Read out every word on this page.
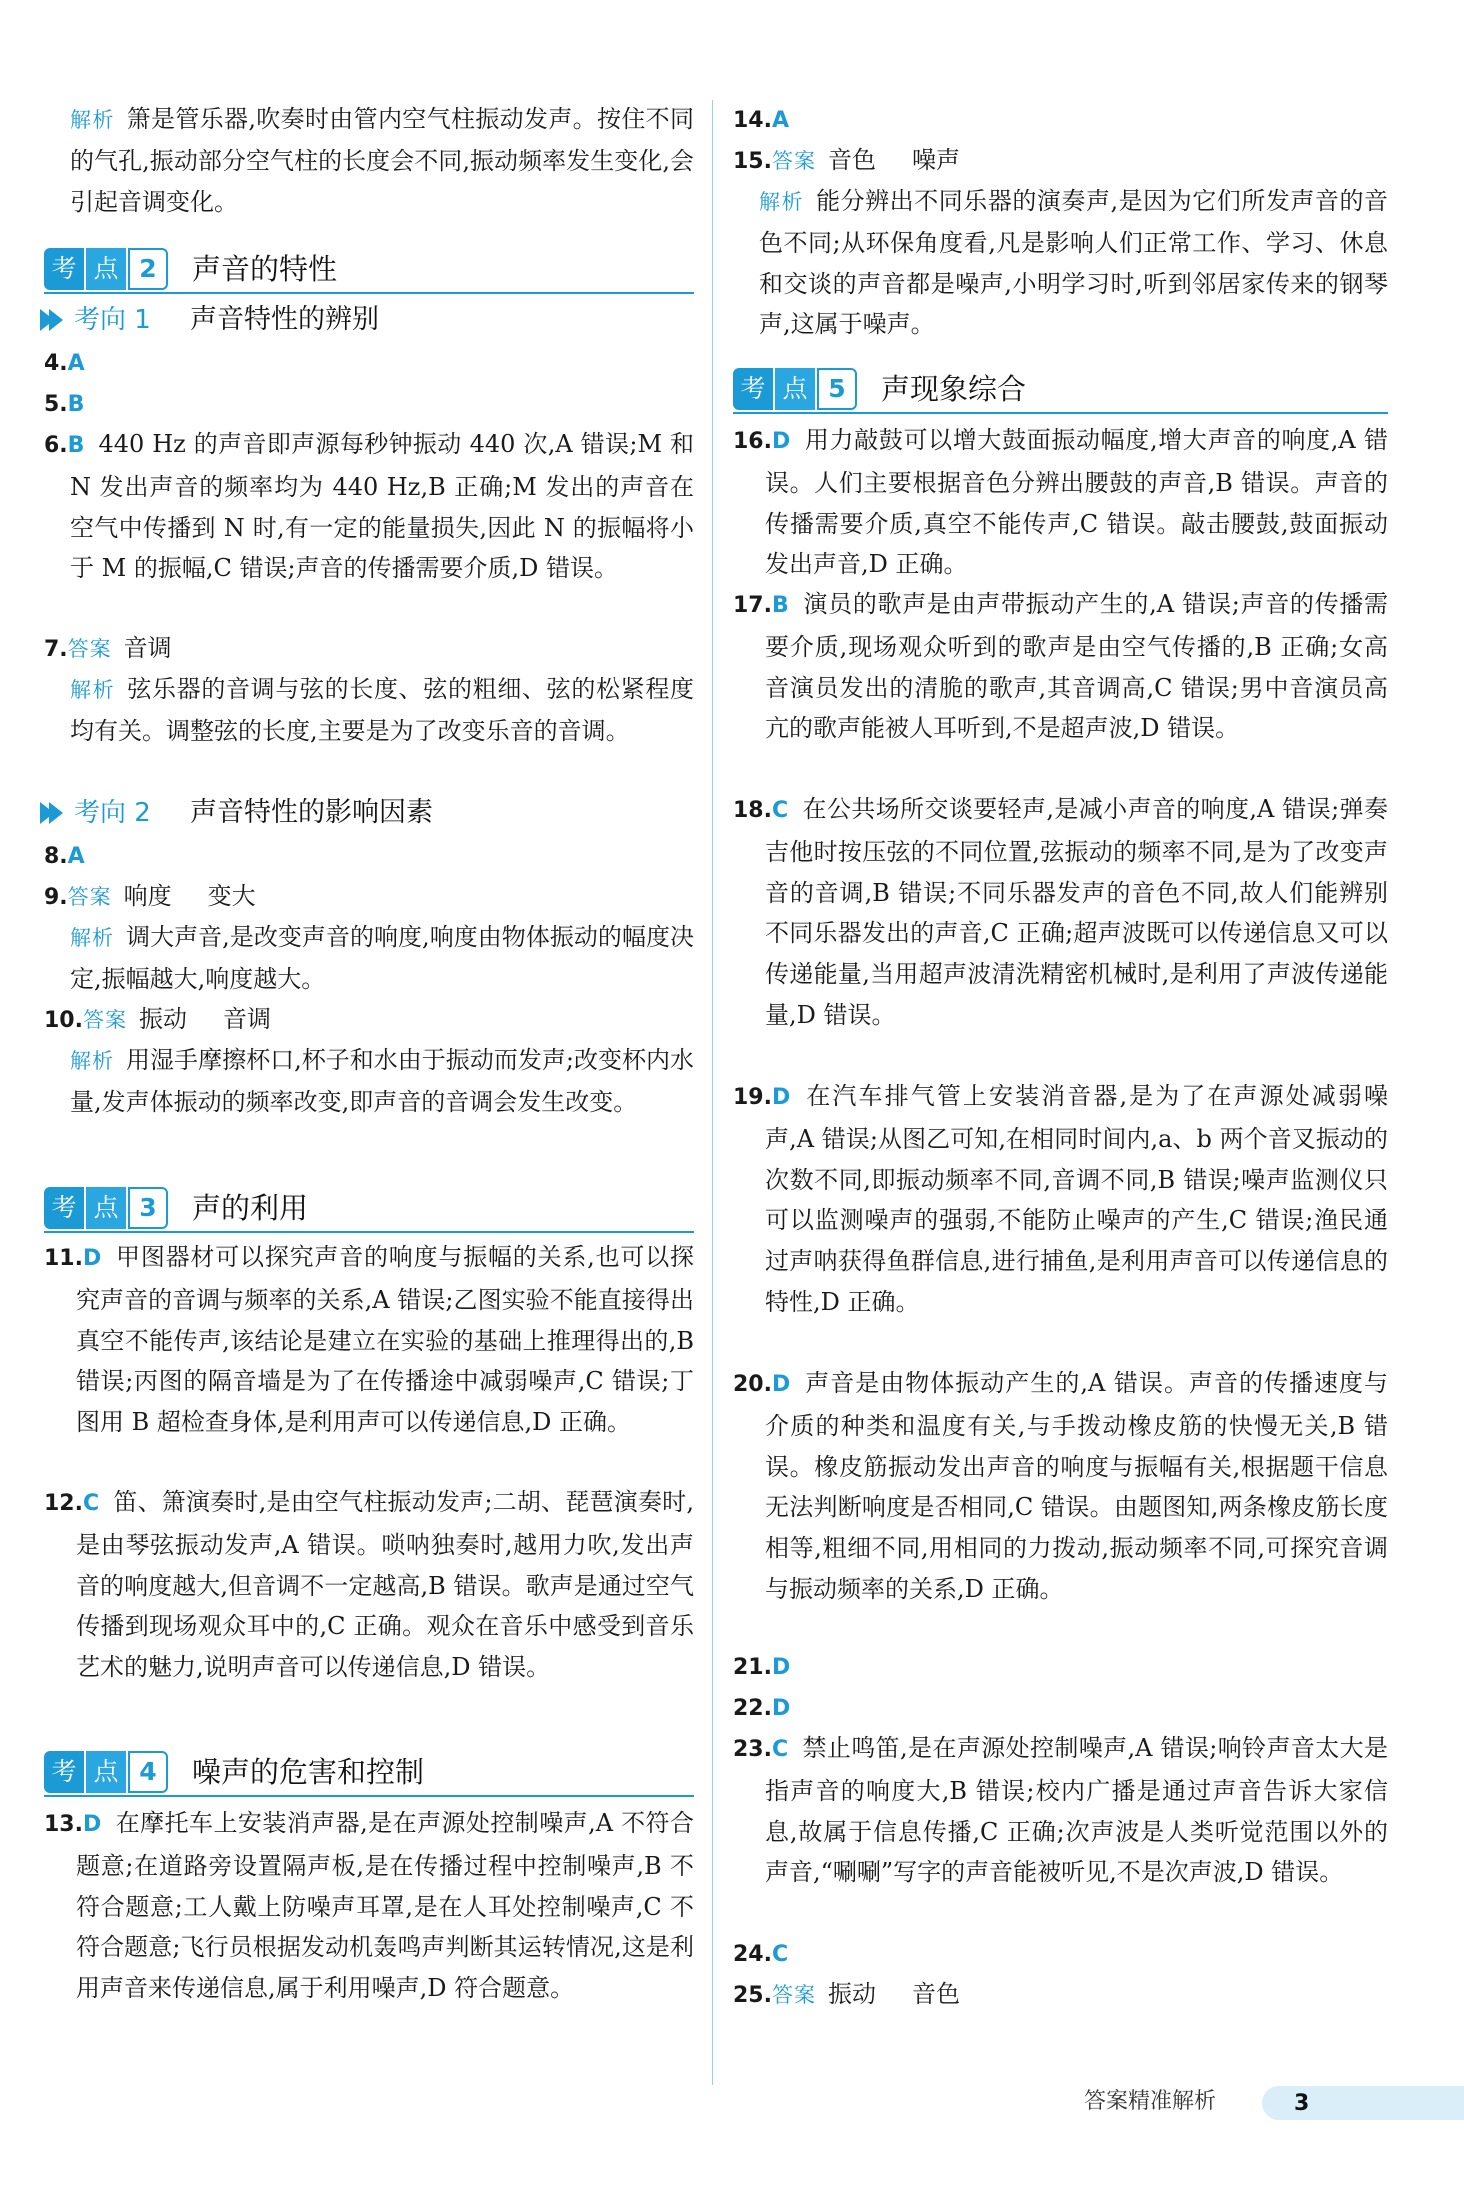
解析 箫是管乐器,吹奏时由管内空气柱振动发声。按住不同的气孔,振动部分空气柱的长度会不同,振动频率发生变化,会引起音调变化。
考 点 2	声音的特性
考向 1 声音特性的辨别
4.A
5.B
6.B 440 Hz 的声音即声源每秒钟振动 440 次,A 错误;M 和 N 发出声音的频率均为 440 Hz,B 正确;M 发出的声音在空气中传播到 N 时,有一定的能量损失,因此 N 的振幅将小于 M 的振幅,C 错误;声音的传播需要介质,D 错误。
7.答案 音调
解析 弦乐器的音调与弦的长度、弦的粗细、弦的松紧程度均有关。调整弦的长度,主要是为了改变乐音的音调。
考向 2 声音特性的影响因素
8.A
9.答案 响度 变大
解析 调大声音,是改变声音的响度,响度由物体振动的幅度决定,振幅越大,响度越大。
10.答案 振动 音调
解析 用湿手摩擦杯口,杯子和水由于振动而发声;改变杯内水量,发声体振动的频率改变,即声音的音调会发生改变。
考 点 3	声的利用
11.D 甲图器材可以探究声音的响度与振幅的关系,也可以探究声音的音调与频率的关系,A 错误;乙图实验不能直接得出真空不能传声,该结论是建立在实验的基础上推理得出的,B 错误;丙图的隔音墙是为了在传播途中减弱噪声,C 错误;丁图用 B 超检查身体,是利用声可以传递信息,D 正确。
12.C 笛、箫演奏时,是由空气柱振动发声;二胡、琵琶演奏时,是由琴弦振动发声,A 错误。唢呐独奏时,越用力吹,发出声音的响度越大,但音调不一定越高,B 错误。歌声是通过空气传播到现场观众耳中的,C 正确。观众在音乐中感受到音乐艺术的魅力,说明声音可以传递信息,D 错误。
考 点 4	噪声的危害和控制
13.D 在摩托车上安装消声器,是在声源处控制噪声,A 不符合题意;在道路旁设置隔声板,是在传播过程中控制噪声,B 不符合题意;工人戴上防噪声耳罩,是在人耳处控制噪声,C 不符合题意;飞行员根据发动机轰鸣声判断其运转情况,这是利用声音来传递信息,属于利用噪声,D 符合题意。
14.A
15.答案 音色 噪声
解析 能分辨出不同乐器的演奏声,是因为它们所发声音的音色不同;从环保角度看,凡是影响人们正常工作、学习、休息和交谈的声音都是噪声,小明学习时,听到邻居家传来的钢琴声,这属于噪声。
考 点 5	声现象综合
16.D 用力敲鼓可以增大鼓面振动幅度,增大声音的响度,A 错误。人们主要根据音色分辨出腰鼓的声音,B 错误。声音的传播需要介质,真空不能传声,C 错误。敲击腰鼓,鼓面振动发出声音,D 正确。
17.B 演员的歌声是由声带振动产生的,A 错误;声音的传播需要介质,现场观众听到的歌声是由空气传播的,B 正确;女高音演员发出的清脆的歌声,其音调高,C 错误;男中音演员高亢的歌声能被人耳听到,不是超声波,D 错误。
18.C 在公共场所交谈要轻声,是减小声音的响度,A 错误;弹奏吉他时按压弦的不同位置,弦振动的频率不同,是为了改变声音的音调,B 错误;不同乐器发声的音色不同,故人们能辨别不同乐器发出的声音,C 正确;超声波既可以传递信息又可以传递能量,当用超声波清洗精密机械时,是利用了声波传递能量,D 错误。
19.D 在汽车排气管上安装消音器,是为了在声源处减弱噪声,A 错误;从图乙可知,在相同时间内,a、b 两个音叉振动的次数不同,即振动频率不同,音调不同,B 错误;噪声监测仪只可以监测噪声的强弱,不能防止噪声的产生,C 错误;渔民通过声呐获得鱼群信息,进行捕鱼,是利用声音可以传递信息的特性,D 正确。
20.D 声音是由物体振动产生的,A 错误。声音的传播速度与介质的种类和温度有关,与手拨动橡皮筋的快慢无关,B 错误。橡皮筋振动发出声音的响度与振幅有关,根据题干信息无法判断响度是否相同,C 错误。由题图知,两条橡皮筋长度相等,粗细不同,用相同的力拨动,振动频率不同,可探究音调与振动频率的关系,D 正确。
21.D
22.D
23.C 禁止鸣笛,是在声源处控制噪声,A 错误;响铃声音太大是指声音的响度大,B 错误;校内广播是通过声音告诉大家信息,故属于信息传播,C 正确;次声波是人类听觉范围以外的声音,“唰唰”写字的声音能被听见,不是次声波,D 错误。
24.C
25.答案 振动 音色
答案精准解析	3
